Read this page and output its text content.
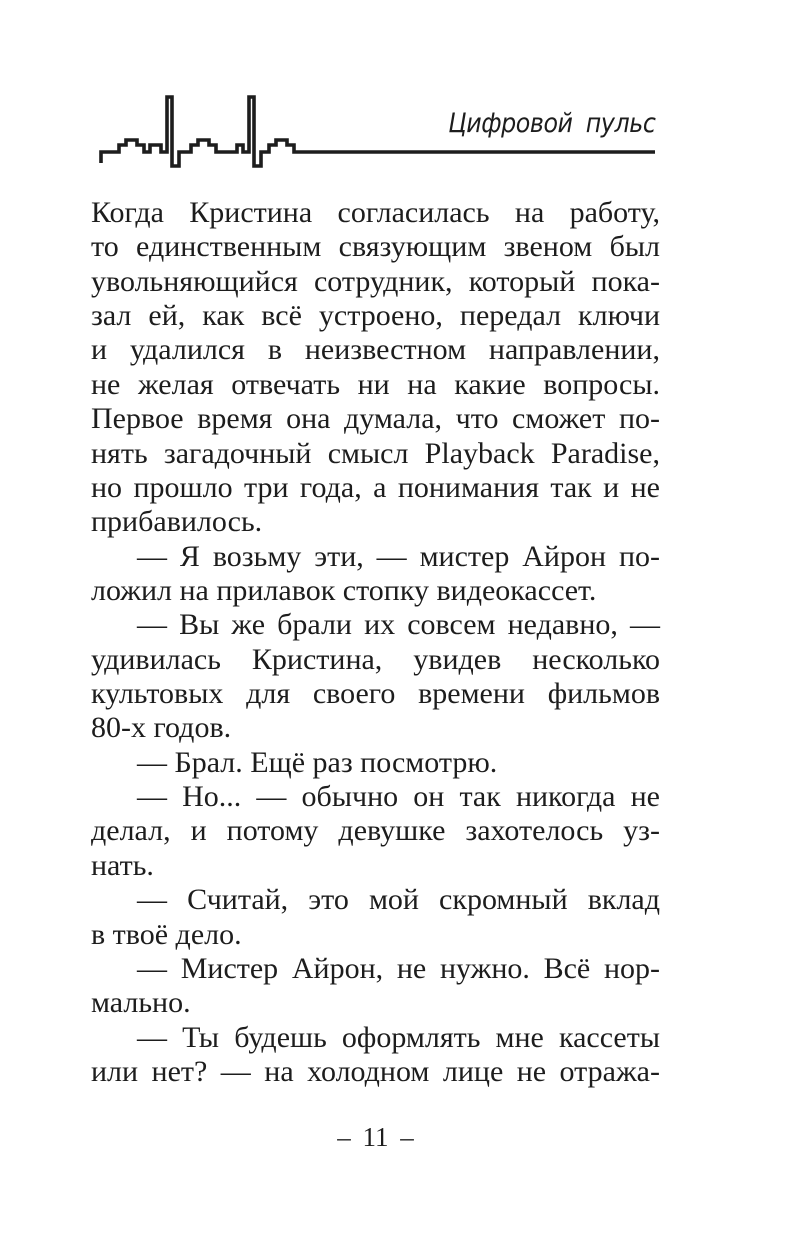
Цифровой пульс
Когда Кристина согласилась на работу,
то единственным связующим звеном был
увольняющийся сотрудник, который пока-
зал ей, как всё устроено, передал ключи
и удалился в неизвестном направлении,
не желая отвечать ни на какие вопросы.
Первое время она думала, что сможет по-
нять загадочный смысл Playback Paradise,
но прошло три года, а понимания так и не
прибавилось.
— Я возьму эти, — мистер Айрон по-
ложил на прилавок стопку видеокассет.
— Вы же брали их совсем недавно, —
удивилась Кристина, увидев несколько
культовых для своего времени фильмов
80-х годов.
— Брал. Ещё раз посмотрю.
— Но... — обычно он так никогда не
делал, и потому девушке захотелось уз-
нать.
— Считай, это мой скромный вклад
в твоё дело.
— Мистер Айрон, не нужно. Всё нор-
мально.
— Ты будешь оформлять мне кассеты
или нет? — на холодном лице не отража-
– 11 –
